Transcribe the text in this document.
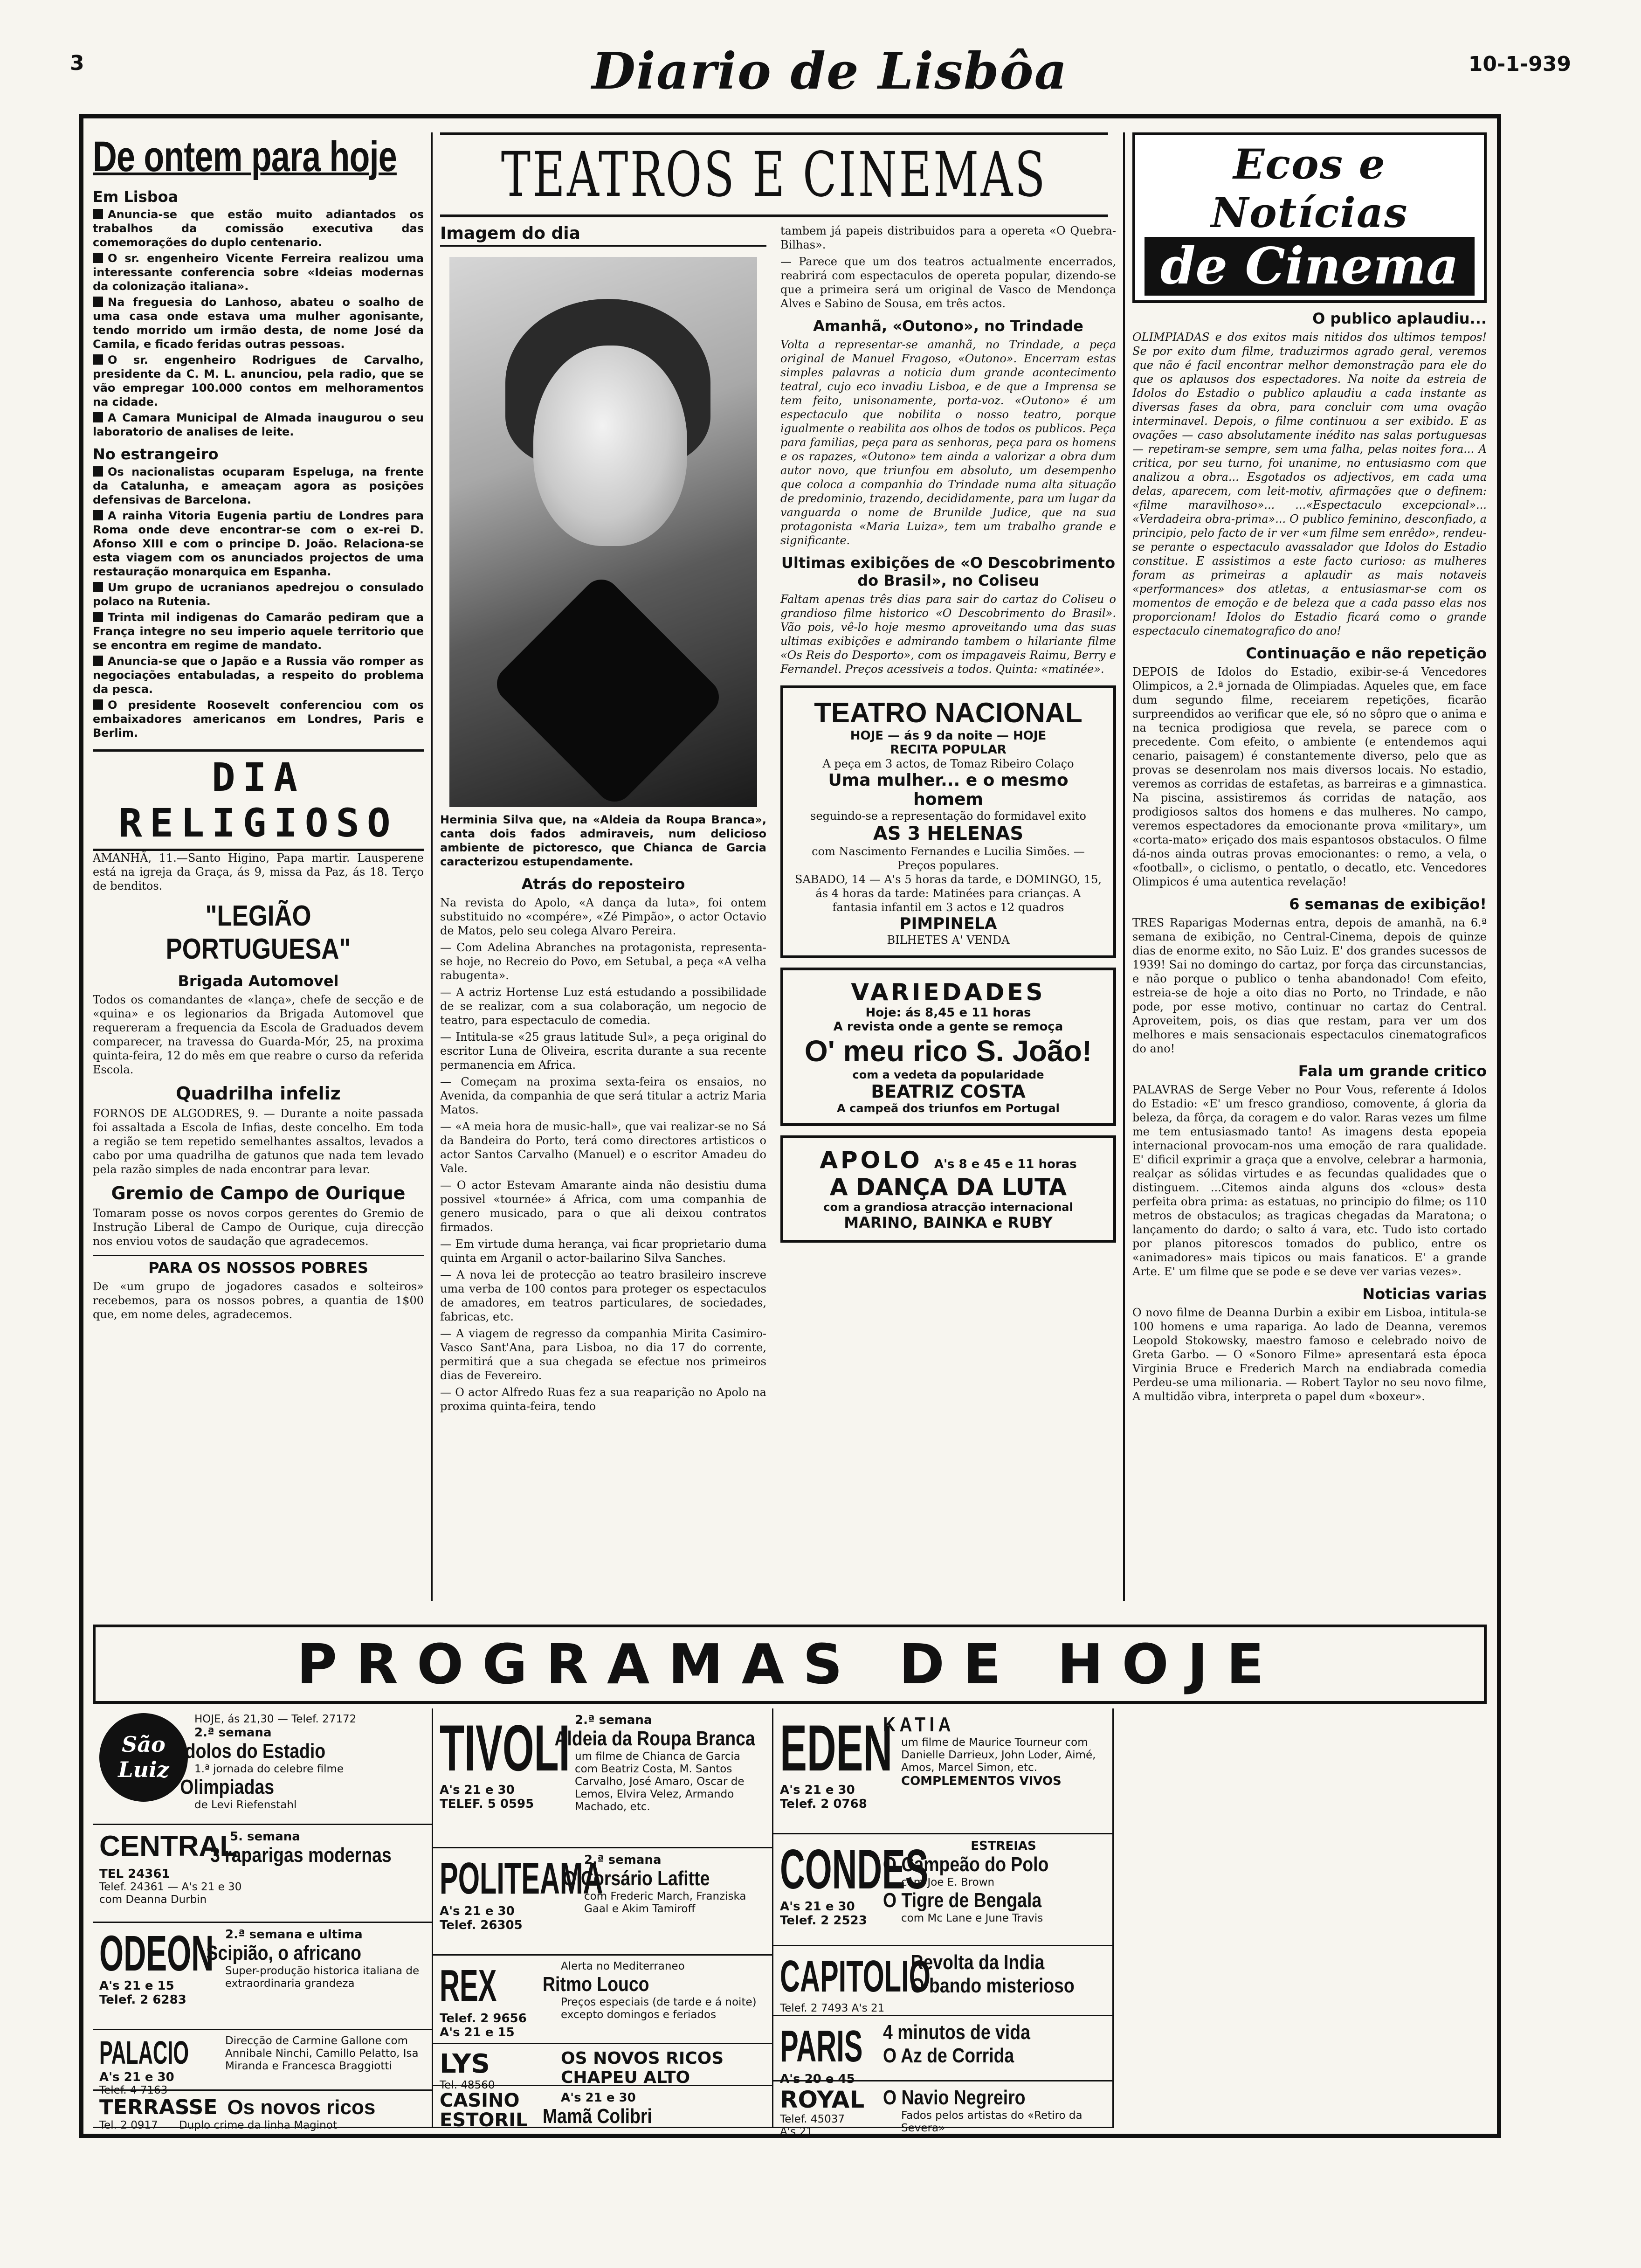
3	Diario de Lisbôa	10-1-939
De ontem para hoje
Em Lisboa

Anuncia-se que estão muito adiantados os trabalhos da comissão executiva das comemorações do duplo centenario.

O sr. engenheiro Vicente Ferreira realizou uma interessante conferencia sobre «Ideias modernas da colonização italiana».

Na freguesia do Lanhoso, abateu o soalho de uma casa onde estava uma mulher agonisante, tendo morrido um irmão desta, de nome José da Camila, e ficado feridas outras pessoas.

O sr. engenheiro Rodrigues de Carvalho, presidente da C. M. L. anunciou, pela radio, que se vão empregar 100.000 contos em melhoramentos na cidade.

A Camara Municipal de Almada inaugurou o seu laboratorio de analises de leite.

No estrangeiro

Os nacionalistas ocuparam Espeluga, na frente da Catalunha, e ameaçam agora as posições defensivas de Barcelona.

A rainha Vitoria Eugenia partiu de Londres para Roma onde deve encontrar-se com o ex-rei D. Afonso XIII e com o principe D. João. Relaciona-se esta viagem com os anunciados projectos de uma restauração monarquica em Espanha.

Um grupo de ucranianos apedrejou o consulado polaco na Rutenia.

Trinta mil indigenas do Camarão pediram que a França integre no seu imperio aquele territorio que se encontra em regime de mandato.

Anuncia-se que o Japão e a Russia vão romper as negociações entabuladas, a respeito do problema da pesca.

O presidente Roosevelt conferenciou com os embaixadores americanos em Londres, Paris e Berlim.

DIA RELIGIOSO

AMANHÃ, 11.—Santo Higino, Papa martir. Lausperene está na igreja da Graça, ás 9, missa da Paz, ás 18. Terço de benditos.

"LEGIÃO PORTUGUESA"
Brigada Automovel

Todos os comandantes de «lança», chefe de secção e de «quina» e os legionarios da Brigada Automovel que requereram a frequencia da Escola de Graduados devem comparecer, na travessa do Guarda-Mór, 25, na proxima quinta-feira, 12 do mês em que reabre o curso da referida Escola.

Quadrilha infeliz

FORNOS DE ALGODRES, 9. — Durante a noite passada foi assaltada a Escola de Infias, deste concelho. Em toda a região se tem repetido semelhantes assaltos, levados a cabo por uma quadrilha de gatunos que nada tem levado pela razão simples de nada encontrar para levar.

Gremio de Campo de Ourique

Tomaram posse os novos corpos gerentes do Gremio de Instrução Liberal de Campo de Ourique, cuja direcção nos enviou votos de saudação que agradecemos.

PARA OS NOSSOS POBRES

De «um grupo de jogadores casados e solteiros» recebemos, para os nossos pobres, a quantia de 1$00 que, em nome deles, agradecemos.

TEATROS E CINEMAS
Imagem do dia

Herminia Silva que, na «Aldeia da Roupa Branca», canta dois fados admiraveis, num delicioso ambiente de pictoresco, que Chianca de Garcia caracterizou estupendamente.

Atrás do reposteiro

Na revista do Apolo, «A dança da luta», foi ontem substituido no «compére», «Zé Pimpão», o actor Octavio de Matos, pelo seu colega Alvaro Pereira.

— Com Adelina Abranches na protagonista, representa-se hoje, no Recreio do Povo, em Setubal, a peça «A velha rabugenta».

— A actriz Hortense Luz está estudando a possibilidade de se realizar, com a sua colaboração, um negocio de teatro, para espectaculo de comedia.

— Intitula-se «25 graus latitude Sul», a peça original do escritor Luna de Oliveira, escrita durante a sua recente permanencia em Africa.

— Começam na proxima sexta-feira os ensaios, no Avenida, da companhia de que será titular a actriz Maria Matos.

— «A meia hora de music-hall», que vai realizar-se no Sá da Bandeira do Porto, terá como directores artisticos o actor Santos Carvalho (Manuel) e o escritor Amadeu do Vale.

— O actor Estevam Amarante ainda não desistiu duma possivel «tournée» á Africa, com uma companhia de genero musicado, para o que ali deixou contratos firmados.

— Em virtude duma herança, vai ficar proprietario duma quinta em Arganil o actor-bailarino Silva Sanches.

— A nova lei de protecção ao teatro brasileiro inscreve uma verba de 100 contos para proteger os espectaculos de amadores, em teatros particulares, de sociedades, fabricas, etc.

— A viagem de regresso da companhia Mirita Casimiro-Vasco Sant'Ana, para Lisboa, no dia 17 do corrente, permitirá que a sua chegada se efectue nos primeiros dias de Fevereiro.

— O actor Alfredo Ruas fez a sua reaparição no Apolo na proxima quinta-feira, tendo

tambem já papeis distribuidos para a opereta «O Quebra-Bilhas».

— Parece que um dos teatros actualmente encerrados, reabrirá com espectaculos de opereta popular, dizendo-se que a primeira será um original de Vasco de Mendonça Alves e Sabino de Sousa, em três actos.

Amanhã, «Outono», no Trindade

Volta a representar-se amanhã, no Trindade, a peça original de Manuel Fragoso, «Outono». Encerram estas simples palavras a noticia dum grande acontecimento teatral, cujo eco invadiu Lisboa, e de que a Imprensa se tem feito, unisonamente, porta-voz. «Outono» é um espectaculo que nobilita o nosso teatro, porque igualmente o reabilita aos olhos de todos os publicos. Peça para familias, peça para as senhoras, peça para os homens e os rapazes, «Outono» tem ainda a valorizar a obra dum autor novo, que triunfou em absoluto, um desempenho que coloca a companhia do Trindade numa alta situação de predominio, trazendo, decididamente, para um lugar da vanguarda o nome de Brunilde Judice, que na sua protagonista «Maria Luiza», tem um trabalho grande e significante.

Ultimas exibições de «O Descobrimento do Brasil», no Coliseu

Faltam apenas três dias para sair do cartaz do Coliseu o grandioso filme historico «O Descobrimento do Brasil». Vão pois, vê-lo hoje mesmo aproveitando uma das suas ultimas exibições e admirando tambem o hilariante filme «Os Reis do Desporto», com os impagaveis Raimu, Berry e Fernandel. Preços acessiveis a todos. Quinta: «matinée».

TEATRO NACIONAL
HOJE — ás 9 da noite — HOJE
RECITA POPULAR
A peça em 3 actos, de Tomaz Ribeiro Colaço
Uma mulher... e o mesmo homem
seguindo-se a representação do formidavel exito
AS 3 HELENAS
com Nascimento Fernandes e Lucilia Simões. — Preços populares.
SABADO, 14 — A's 5 horas da tarde, e DOMINGO, 15, ás 4 horas da tarde: Matinées para crianças. A fantasia infantil em 3 actos e 12 quadros
PIMPINELA
BILHETES A' VENDA
VARIEDADES
Hoje: ás 8,45 e 11 horas
A revista onde a gente se remoça
O' meu rico S. João!
com a vedeta da popularidade
BEATRIZ COSTA
A campeã dos triunfos em Portugal
APOLO A's 8 e 45 e 11 horas
A DANÇA DA LUTA
com a grandiosa atracção internacional
MARINO, BAINKA e RUBY
Ecos e Notícias
de Cinema
O publico aplaudiu...

OLIMPIADAS e dos exitos mais nitidos dos ultimos tempos! Se por exito dum filme, traduzirmos agrado geral, veremos que não é facil encontrar melhor demonstração para ele do que os aplausos dos espectadores. Na noite da estreia de Idolos do Estadio o publico aplaudiu a cada instante as diversas fases da obra, para concluir com uma ovação interminavel. Depois, o filme continuou a ser exibido. E as ovações — caso absolutamente inédito nas salas portuguesas — repetiram-se sempre, sem uma falha, pelas noites fora... A critica, por seu turno, foi unanime, no entusiasmo com que analizou a obra... Esgotados os adjectivos, em cada uma delas, aparecem, com leit-motiv, afirmações que o definem: «filme maravilhoso»... ...«Espectaculo excepcional»... «Verdadeira obra-prima»... O publico feminino, desconfiado, a principio, pelo facto de ir ver «um filme sem enrêdo», rendeu-se perante o espectaculo avassalador que Idolos do Estadio constitue. E assistimos a este facto curioso: as mulheres foram as primeiras a aplaudir as mais notaveis «performances» dos atletas, a entusiasmar-se com os momentos de emoção e de beleza que a cada passo elas nos proporcionam! Idolos do Estadio ficará como o grande espectaculo cinematografico do ano!

Continuação e não repetição

DEPOIS de Idolos do Estadio, exibir-se-á Vencedores Olimpicos, a 2.ª jornada de Olimpiadas. Aqueles que, em face dum segundo filme, receiarem repetições, ficarão surpreendidos ao verificar que ele, só no sôpro que o anima e na tecnica prodigiosa que revela, se parece com o precedente. Com efeito, o ambiente (e entendemos aqui cenario, paisagem) é constantemente diverso, pelo que as provas se desenrolam nos mais diversos locais. No estadio, veremos as corridas de estafetas, as barreiras e a gimnastica. Na piscina, assistiremos ás corridas de natação, aos prodigiosos saltos dos homens e das mulheres. No campo, veremos espectadores da emocionante prova «military», um «corta-mato» eriçado dos mais espantosos obstaculos. O filme dá-nos ainda outras provas emocionantes: o remo, a vela, o «football», o ciclismo, o pentatlo, o decatlo, etc. Vencedores Olimpicos é uma autentica revelação!

6 semanas de exibição!

TRES Raparigas Modernas entra, depois de amanhã, na 6.ª semana de exibição, no Central-Cinema, depois de quinze dias de enorme exito, no São Luiz. E' dos grandes sucessos de 1939! Sai no domingo do cartaz, por força das circunstancias, e não porque o publico o tenha abandonado! Com efeito, estreia-se de hoje a oito dias no Porto, no Trindade, e não pode, por esse motivo, continuar no cartaz do Central. Aproveitem, pois, os dias que restam, para ver um dos melhores e mais sensacionais espectaculos cinematograficos do ano!

Fala um grande critico

PALAVRAS de Serge Veber no Pour Vous, referente á Idolos do Estadio: «E' um fresco grandioso, comovente, á gloria da beleza, da fôrça, da coragem e do valor. Raras vezes um filme me tem entusiasmado tanto! As imagens desta epopeia internacional provocam-nos uma emoção de rara qualidade. E' dificil exprimir a graça que a envolve, celebrar a harmonia, realçar as sólidas virtudes e as fecundas qualidades que o distinguem. ...Citemos ainda alguns dos «clous» desta perfeita obra prima: as estatuas, no principio do filme; os 110 metros de obstaculos; as tragicas chegadas da Maratona; o lançamento do dardo; o salto á vara, etc. Tudo isto cortado por planos pitorescos tomados do publico, entre os «animadores» mais tipicos ou mais fanaticos. E' a grande Arte. E' um filme que se pode e se deve ver varias vezes».

Noticias varias

O novo filme de Deanna Durbin a exibir em Lisboa, intitula-se 100 homens e uma rapariga. Ao lado de Deanna, veremos Leopold Stokowsky, maestro famoso e celebrado noivo de Greta Garbo. — O «Sonoro Filme» apresentará esta época Virginia Bruce e Frederich March na endiabrada comedia Perdeu-se uma milionaria. — Robert Taylor no seu novo filme, A multidão vibra, interpreta o papel dum «boxeur».

PROGRAMAS DE HOJE
São Luiz
HOJE, ás 21,30 — Telef. 27172
2.ª semana
Idolos do Estadio
1.ª jornada do celebre filme
Olimpiadas
de Levi Riefenstahl
CENTRAL
5. semana
3 raparigas modernas
TEL 24361
Telef. 24361 — A's 21 e 30
com Deanna Durbin
ODEON
A's 21 e 15
Telef. 2 6283
2.ª semana e ultima
Scipião, o africano
Super-produção historica italiana de extraordinaria grandeza
PALACIO
A's 21 e 30
Telef. 4 7163
Direcção de Carmine Gallone com Annibale Ninchi, Camillo Pelatto, Isa Miranda e Francesca Braggiotti
TERRASSE Os novos ricos
Tel. 2 0917 Duplo crime da linha Maginot
TIVOLI
A's 21 e 30
TELEF. 5 0595
2.ª semana
Aldeia da Roupa Branca
um filme de Chianca de Garcia com Beatriz Costa, M. Santos Carvalho, José Amaro, Oscar de Lemos, Elvira Velez, Armando Machado, etc.
POLITEAMA
A's 21 e 30
Telef. 26305
2.ª semana
O Corsário Lafitte
com Frederic March, Franziska Gaal e Akim Tamiroff
REX
Telef. 2 9656
A's 21 e 15
Alerta no Mediterraneo
Ritmo Louco
Preços especiais (de tarde e á noite) excepto domingos e feriados
LYS
Tel. 48560
OS NOVOS RICOS
CHAPEU ALTO
CASINO ESTORIL
A's 21 e 30
Mamã Colibri
EDEN
A's 21 e 30
Telef. 2 0768
KATIA
um filme de Maurice Tourneur com Danielle Darrieux, John Loder, Aimé, Amos, Marcel Simon, etc.
COMPLEMENTOS VIVOS
CONDES
A's 21 e 30
Telef. 2 2523
ESTREIAS
O Campeão do Polo
com Joe E. Brown
O Tigre de Bengala
com Mc Lane e June Travis
CAPITOLIO
Telef. 2 7493 A's 21
Revolta da India
O bando misterioso
PARIS
A's 20 e 45
4 minutos de vida
O Az de Corrida
ROYAL
Telef. 45037
A's 21
O Navio Negreiro
Fados pelos artistas do «Retiro da Severa»
